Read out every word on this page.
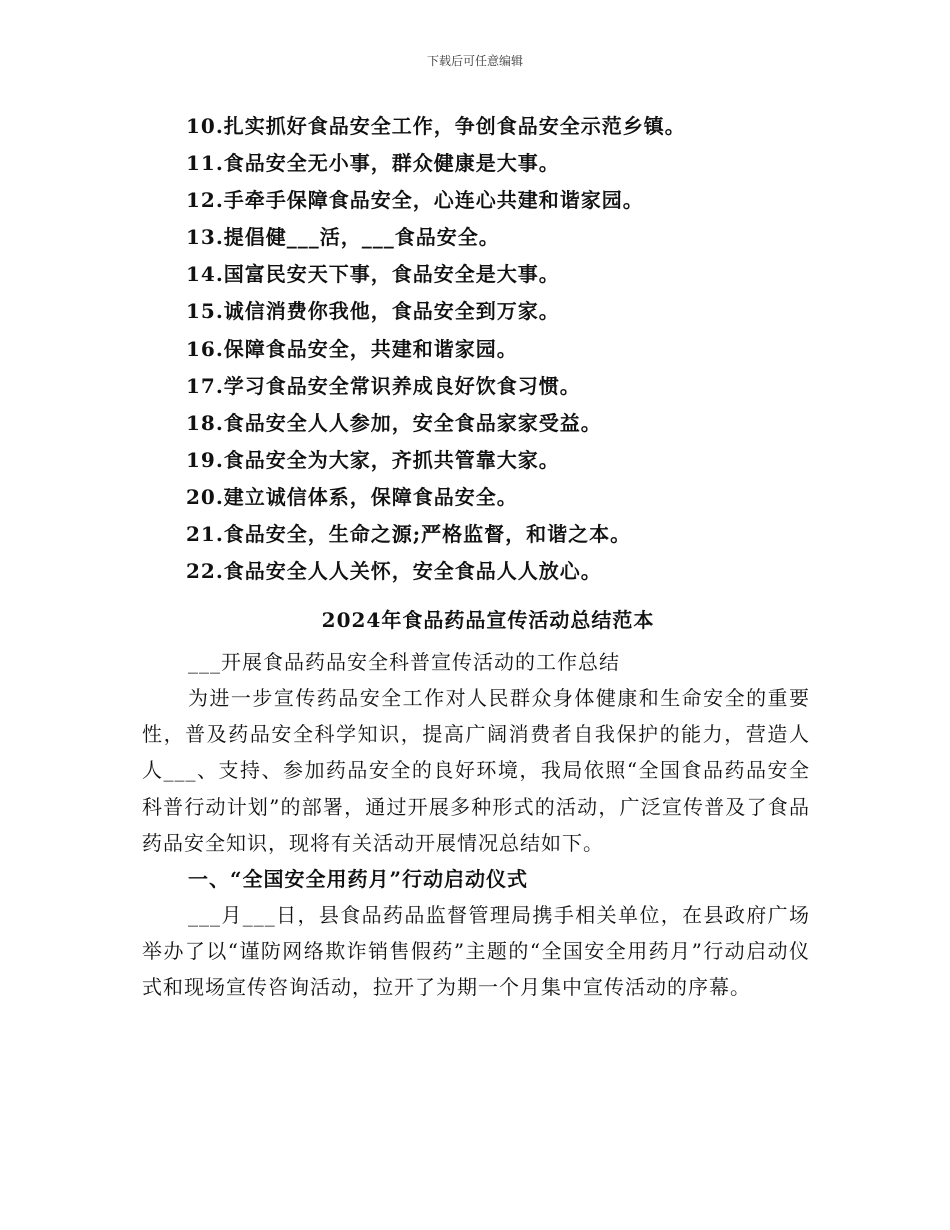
下载后可任意编辑
10.扎实抓好食品安全工作，争创食品安全示范乡镇。
11.食品安全无小事，群众健康是大事。
12.手牵手保障食品安全，心连心共建和谐家园。
13.提倡健___活，___食品安全。
14.国富民安天下事，食品安全是大事。
15.诚信消费你我他，食品安全到万家。
16.保障食品安全，共建和谐家园。
17.学习食品安全常识养成良好饮食习惯。
18.食品安全人人参加，安全食品家家受益。
19.食品安全为大家，齐抓共管靠大家。
20.建立诚信体系，保障食品安全。
21.食品安全，生命之源;严格监督，和谐之本。
22.食品安全人人关怀，安全食品人人放心。
2024年食品药品宣传活动总结范本

___开展食品药品安全科普宣传活动的工作总结

为进一步宣传药品安全工作对人民群众身体健康和生命安全的重要性，普及药品安全科学知识，提高广阔消费者自我保护的能力，营造人人___、支持、参加药品安全的良好环境，我局依照“全国食品药品安全科普行动计划”的部署，通过开展多种形式的活动，广泛宣传普及了食品药品安全知识，现将有关活动开展情况总结如下。

一、“全国安全用药月”行动启动仪式

___月___日，县食品药品监督管理局携手相关单位，在县政府广场举办了以“谨防网络欺诈销售假药”主题的“全国安全用药月”行动启动仪式和现场宣传咨询活动，拉开了为期一个月集中宣传活动的序幕。
